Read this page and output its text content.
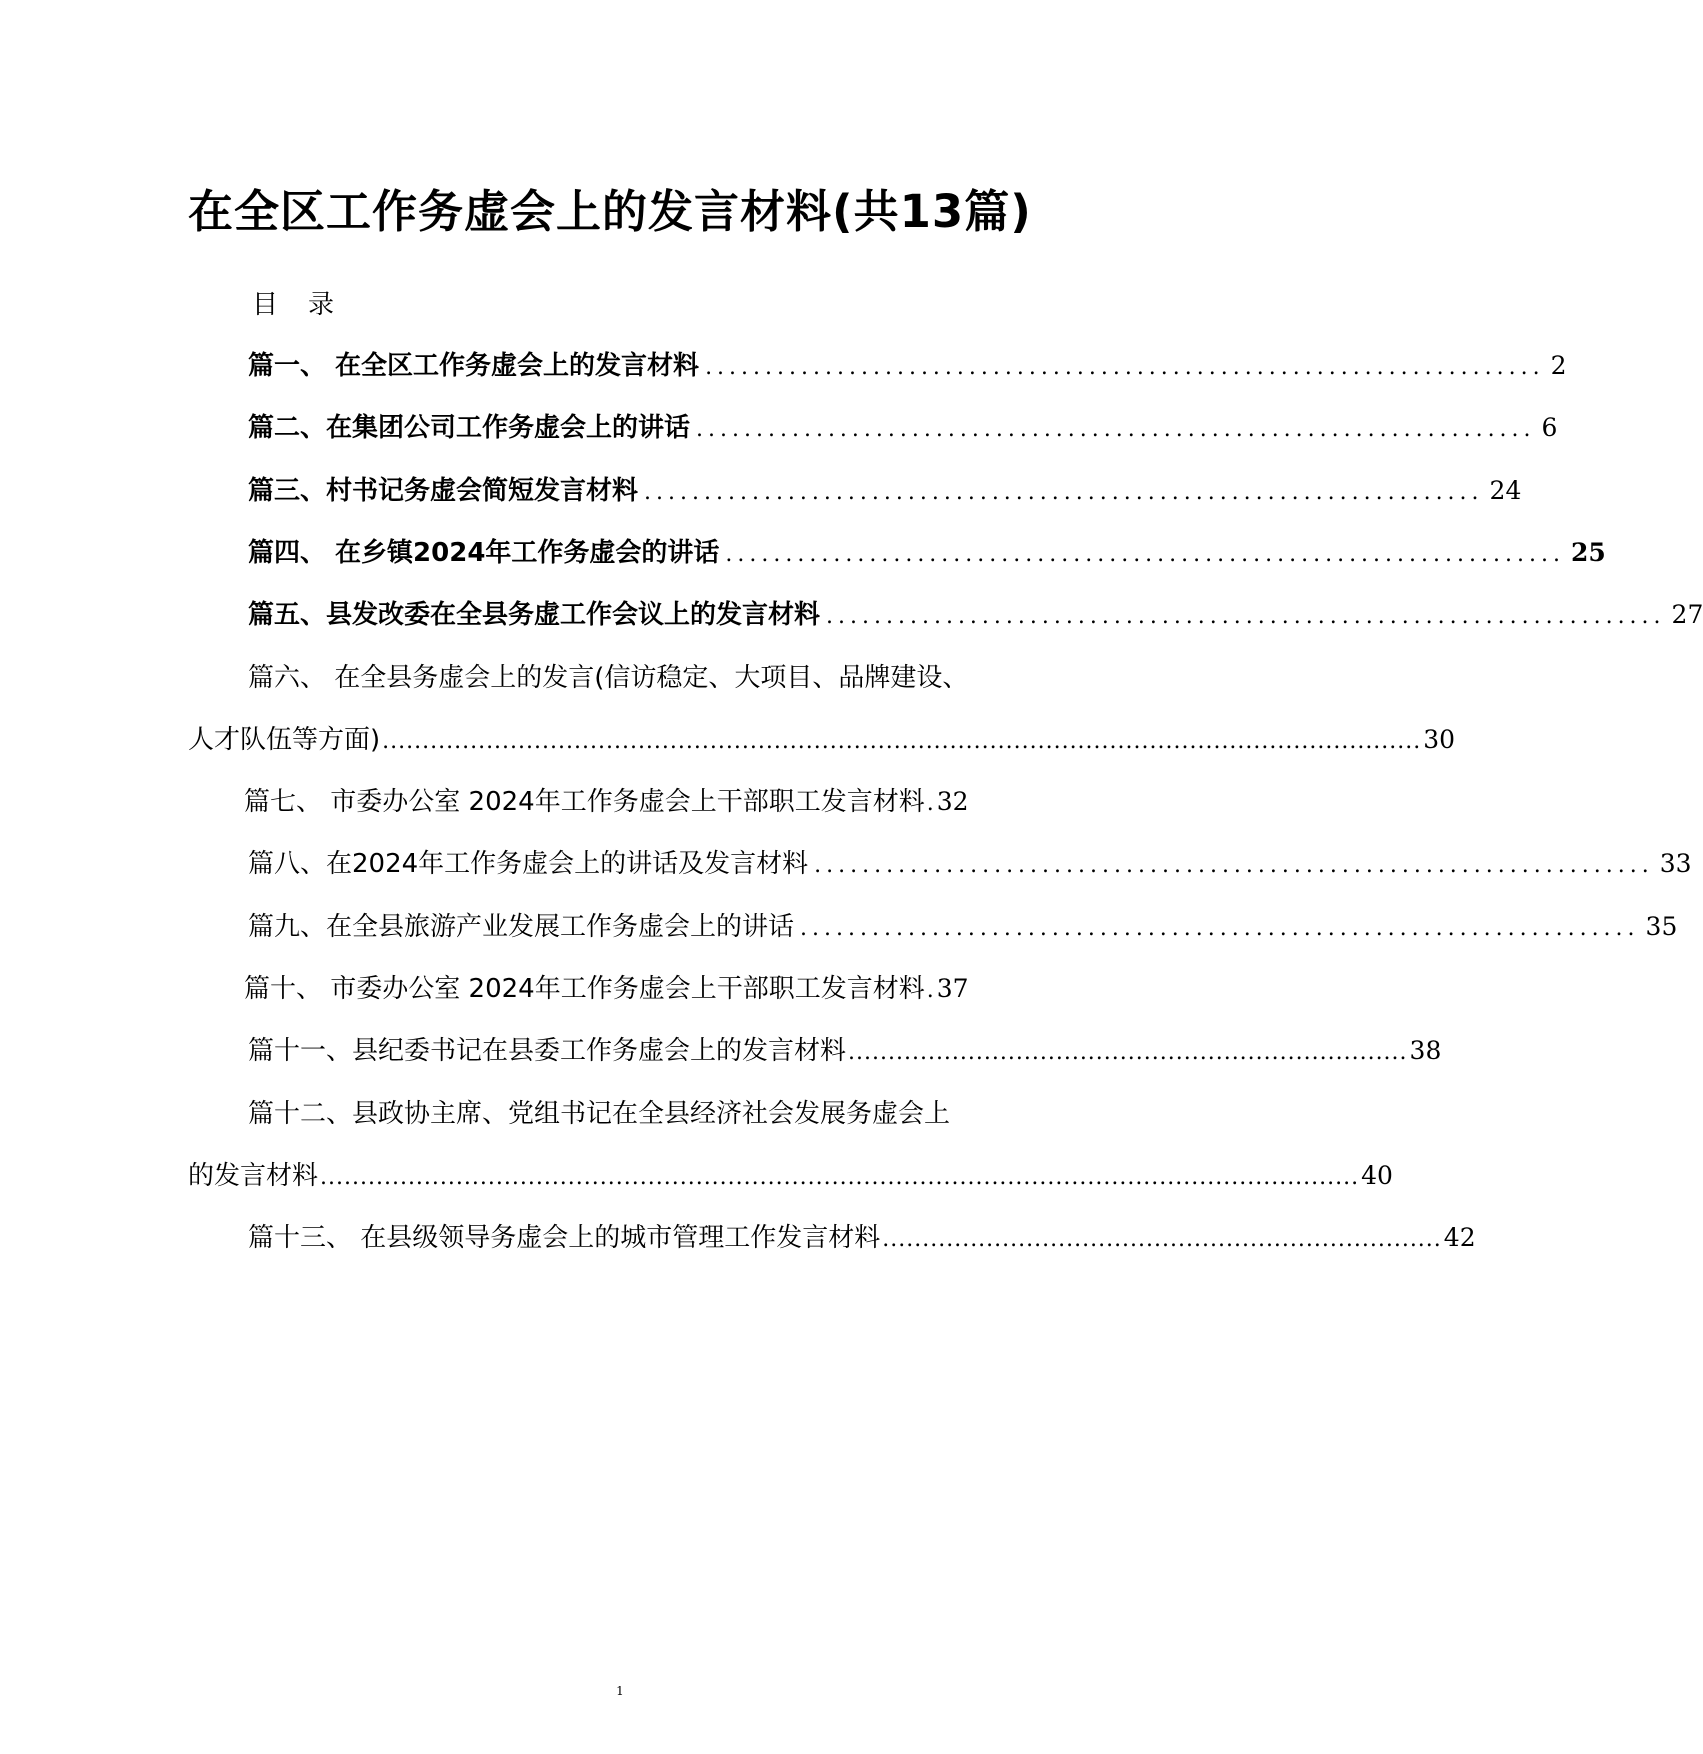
在全区工作务虚会上的发言材料(共13篇)
目 录
篇一、 在全区工作务虚会上的发言材料 ...................................................................... 2
篇二、在集团公司工作务虚会上的讲话 ...................................................................... 6
篇三、村书记务虚会简短发言材料 ...................................................................... 24
篇四、 在乡镇2024年工作务虚会的讲话 ...................................................................... 25
篇五、县发改委在全县务虚工作会议上的发言材料 ...................................................................... 27
篇六、 在全县务虚会上的发言(信访稳定、大项目、品牌建设、
人才队伍等方面) .................................................................................................................................. 30
篇七、 市委办公室 2024年工作务虚会上干部职工发言材料 . 32
篇八、在2024年工作务虚会上的讲话及发言材料 ...................................................................... 33
篇九、在全县旅游产业发展工作务虚会上的讲话 ...................................................................... 35
篇十、 市委办公室 2024年工作务虚会上干部职工发言材料 . 37
篇十一、县纪委书记在县委工作务虚会上的发言材料 ...................................................................... 38
篇十二、县政协主席、党组书记在全县经济社会发展务虚会上
的发言材料 .................................................................................................................................. 40
篇十三、 在县级领导务虚会上的城市管理工作发言材料 ...................................................................... 42
1
